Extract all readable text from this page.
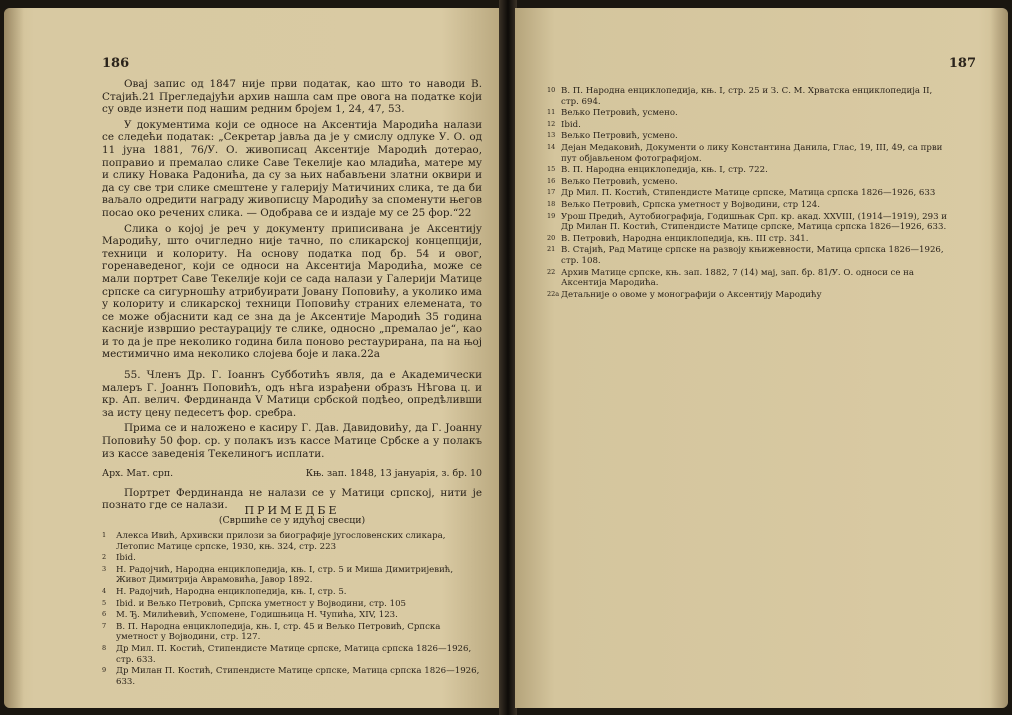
186

Овај запис од 1847 није први податак, као што то наводи В. Стајић.21 Прегледајући архив нашла сам пре овога на податке који су овде изнети под нашим редним бројем 1, 24, 47, 53.

У документима који се односе на Аксентија Мародића налази се следећи податак: „Секретар јавља да је у смислу одлуке У. О. од 11 јуна 1881, 76/У. О. живописац Аксентије Мародић дотерао, поправио и премалао слике Саве Текелије као младића, матере му и слику Новака Радонића, да су за њих набављени златни оквири и да су све три слике смештене у галерију Матичиних слика, те да би ваљало одредити награду живописцу Мародићу за споменути његов посао око речених слика. — Одобрава се и издаје му се 25 фор.“22

Слика о којој је реч у документу приписивана је Аксентију Мародићу, што очигледно није тачно, по сликарској концепцији, техници и колориту. На основу податка под бр. 54 и овог, горенаведеног, који се односи на Аксентија Мародића, може се мали портрет Саве Текелије који се сада налази у Галерији Матице српске са сигурношћу атрибуирати Јовану Поповићу, а уколико има у колориту и сликарској техници Поповићу страних елемената, то се може објаснити кад се зна да је Аксентије Мародић 35 година касније извршио рестаурацију те слике, односно „премалао је“, као и то да је пре неколико година била поново рестаурирана, па на њој местимично има неколико слојева боје и лака.22a

55. Членъ Др. Г. Іоаннъ Субботићъ явля, да е Академически малеръ Г. Јоаннъ Поповићъ, одъ нѣга израђени образъ Нѣгова ц. и кр. Ап. велич. Фердинанда V Матици србской подѣео, опредѣливши за исту цену педесетъ фор. сребра.

Прима се и наложено е касиру Г. Дав. Давидовићу, да Г. Јоанну Поповићу 50 фор. ср. у полакъ изъ кассе Матице Србске а у полакъ из кассе заведенія Текелиногъ исплати.

Арх. Мат. срп.	Књ. зап. 1848, 13 јануарія, з. бр. 10

Портрет Фердинанда не налази се у Матици српској, нити је познато где се налази.

(Свршиће се у идућој свесци)
ПРИМЕДБЕ
1	Алекса Ивић, Архивски прилози за биографије југословенских сликара, Летопис Матице српске, 1930, књ. 324, стр. 223
2	Ibid.
3	Н. Радојчић, Народна енциклопедија, књ. I, стр. 5 и Миша Димитријевић, Живот Димитрија Аврамовића, Јавор 1892.
4	Н. Радојчић, Народна енциклопедија, књ. I, стр. 5.
5	Ibid. и Вељко Петровић, Српска уметност у Војводини, стр. 105
6	М. Ђ. Милићевић, Успомене, Годишњица Н. Чупића, XIV, 123.
7	В. П. Народна енциклопедија, књ. I, стр. 45 и Вељко Петровић, Српска уметност у Војводини, стр. 127.
8	Др Мил. П. Костић, Стипендисте Матице српске, Матица српска 1826—1926, стр. 633.
9	Др Милан П. Костић, Стипендисте Матице српске, Матица српска 1826—1926, 633.
187
10 В. П. Народна енциклопедија, књ. I, стр. 25 и З. С. М. Хрватска енциклопедија II, стр. 694.
11 Вељко Петровић, усмено.
12 Ibid.
13 Вељко Петровић, усмено.
14 Дејан Медаковић, Документи о лику Константина Данила, Глас, 19, III, 49, са први пут објављеном фотографијом.
15 В. П. Народна енциклопедија, књ. I, стр. 722.
16 Вељко Петровић, усмено.
17 Др Мил. П. Костић, Стипендисте Матице српске, Матица српска 1826—1926, 633
18 Вељко Петровић, Српска уметност у Војводини, стр 124.
19 Урош Предић, Аутобиографија, Годишњак Срп. кр. акад. XXVIII, (1914—1919), 293 и Др Милан П. Костић, Стипендисте Матице српске, Матица српска 1826—1926, 633.
20 В. Петровић, Народна енциклопедија, књ. III стр. 341.
21 В. Стајић, Рад Матице српске на развоју књижевности, Матица српска 1826—1926, стр. 108.
22 Архив Матице српске, књ. зап. 1882, 7 (14) мај, зап. бр. 81/У. О. односи се на Аксентија Мародића.
22a Детаљније о овоме у монографији о Аксентију Мародићу
